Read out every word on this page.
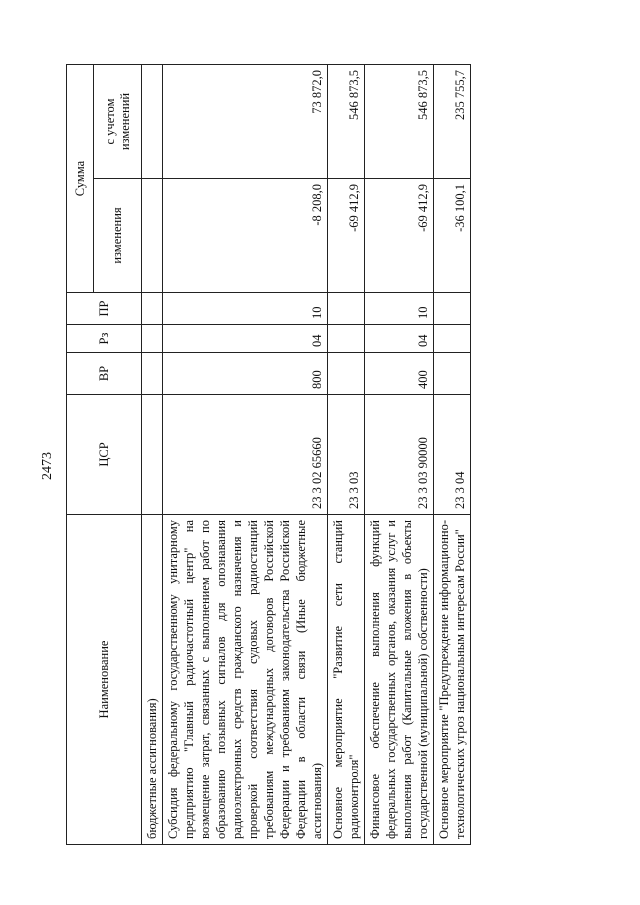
2473
Наименование	ЦСР	ВР	Рз	ПР	Сумма	
					изменения	с учетом изменений
бюджетные ассигнования)						
Субсидия федеральному государственному унитарному предприятию "Главный радиочастотный центр" на возмещение затрат, связанных с выполнением работ по образованию позывных сигналов для опознавания радиоэлектронных средств гражданского назначения и проверкой соответствия судовых радиостанций требованиям международных договоров Российской Федерации и требованиям законодательства Российской Федерации в области связи (Иные бюджетные ассигнования)	23 3 02 65660	800	04	10	-8 208,0	73 872,0
Основное мероприятие "Развитие сети станций радиоконтроля"	23 3 03				-69 412,9	546 873,5
Финансовое обеспечение выполнения функций федеральных государственных органов, оказания услуг и выполнения работ (Капитальные вложения в объекты государственной (муниципальной) собственности)	23 3 03 90000	400	04	10	-69 412,9	546 873,5
Основное мероприятие "Предупреждение информационно-технологических угроз национальным интересам России"	23 3 04				-36 100,1	235 755,7
